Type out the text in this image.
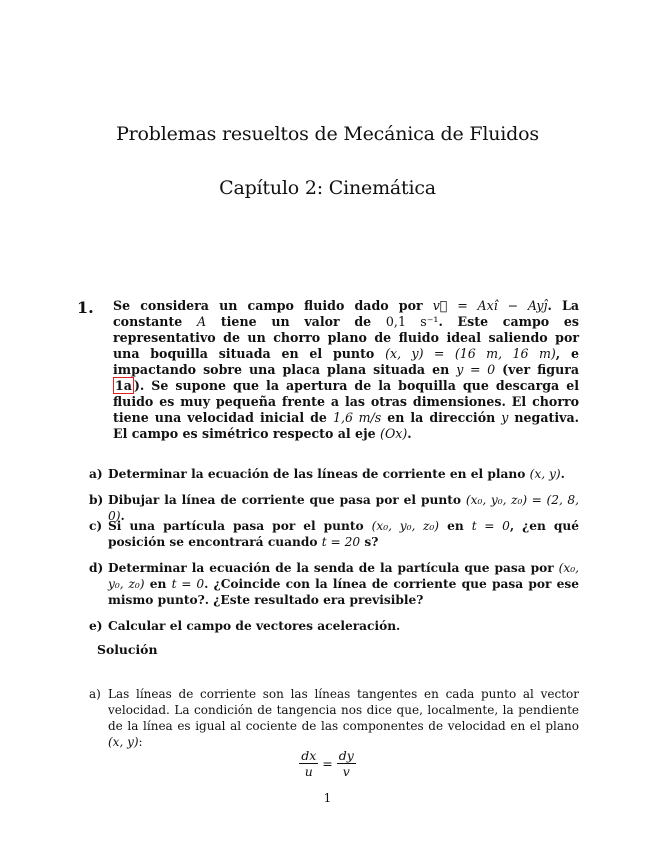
Problemas resueltos de Mecánica de Fluidos
Capítulo 2: Cinemática
1. Se considera un campo fluido dado por v⃗ = Axî − Ayĵ. La constante A tiene un valor de 0,1 s⁻¹. Este campo es representativo de un chorro plano de fluido ideal saliendo por una boquilla situada en el punto (x, y) = (16 m, 16 m), e impactando sobre una placa plana situada en y = 0 (ver figura 1a ). Se supone que la apertura de la boquilla que descarga el fluido es muy pequeña frente a las otras dimensiones. El chorro tiene una velocidad inicial de 1,6 m/s en la dirección y negativa. El campo es simétrico respecto al eje (Ox).
a) Determinar la ecuación de las líneas de corriente en el plano (x, y).
b) Dibujar la línea de corriente que pasa por el punto (x₀, y₀, z₀) = (2, 8, 0).
c) Si una partícula pasa por el punto (x₀, y₀, z₀) en t = 0, ¿en qué posición se encontrará cuando t = 20 s?
d) Determinar la ecuación de la senda de la partícula que pasa por (x₀, y₀, z₀) en t = 0. ¿Coincide con la línea de corriente que pasa por ese mismo punto?. ¿Este resultado era previsible?
e) Calcular el campo de vectores aceleración.
Solución
a) Las líneas de corriente son las líneas tangentes en cada punto al vector velocidad. La condición de tangencia nos dice que, localmente, la pendiente de la línea es igual al cociente de las componentes de velocidad en el plano (x, y):
$\frac{dx}{u} = \frac{dy}{v}$
1
